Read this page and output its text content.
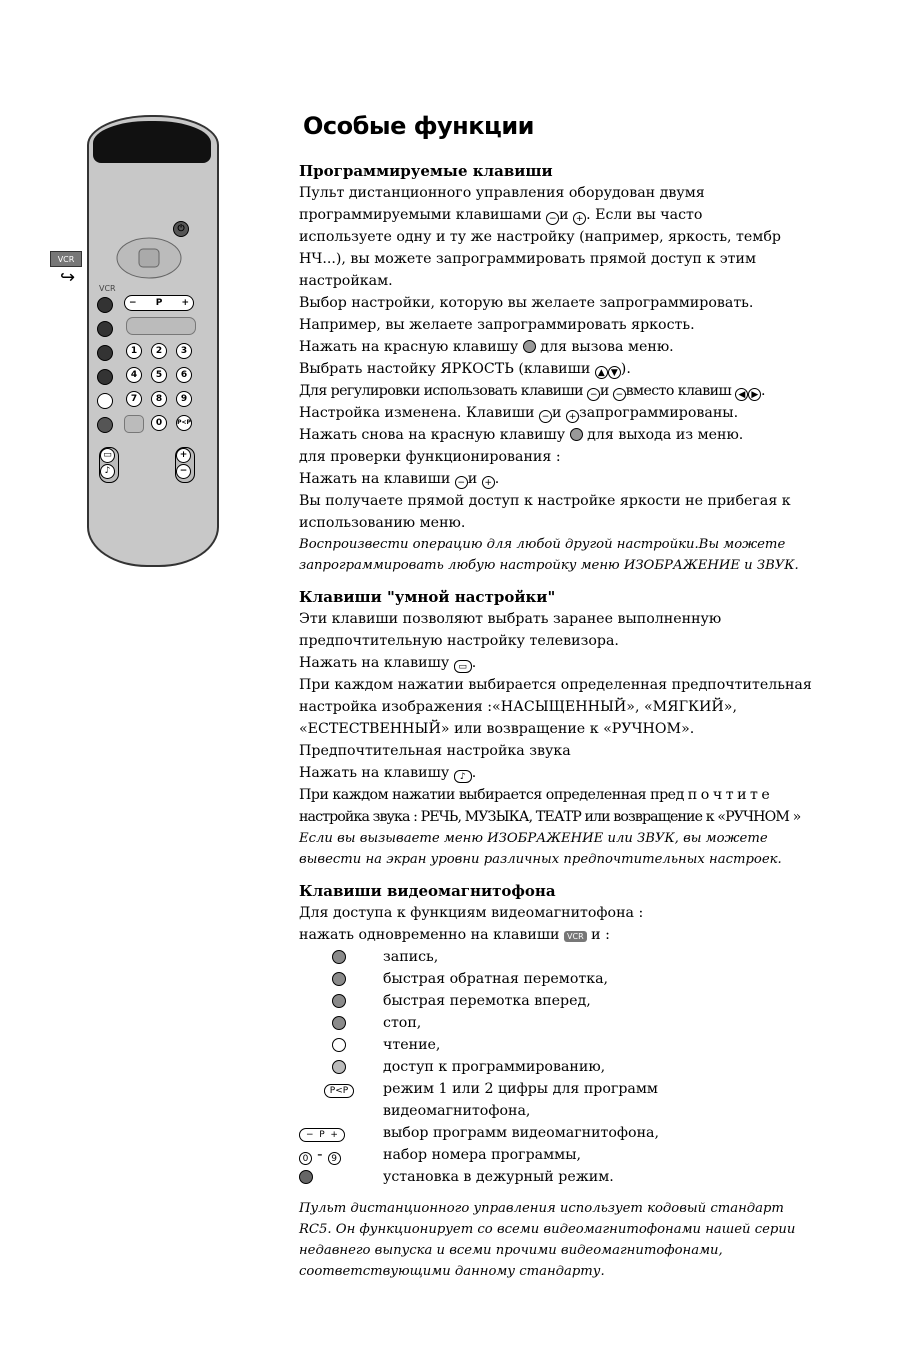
VCR
↪
⏻
VCR
− P +
1	2	3
4	5	6
7	8	9
0	P<P
▭
♪
+
−
Особые функции
Программируемые клавиши

Пульт дистанционного управления оборудован двумя

программируемыми клавишами − и + . Если вы часто

используете одну и ту же настройку (например, яркость, тембр

НЧ...), вы можете запрограммировать прямой доступ к этим

настройкам.

Выбор настройки, которую вы желаете запрограммировать.

Например, вы желаете запрограммировать яркость.

Нажать на красную клавишу для вызова меню.

Выбрать настойку ЯРКОСТЬ (клавиши ▲ ▼ ).

Для регулировки использовать клавиши − и − вместо клавиш ◀ ▶ .

Настройка изменена. Клавиши − и + запрограммированы.

Нажать снова на красную клавишу для выхода из меню.

для проверки функционирования :

Нажать на клавиши − и + .

Вы получаете прямой доступ к настройке яркости не прибегая к

использованию меню.

Воспроизвести операцию для любой другой настройки.Вы можете

запрограммировать любую настройку меню ИЗОБРАЖЕНИЕ и ЗВУК.

Клавиши "умной настройки"

Эти клавиши позволяют выбрать заранее выполненную

предпочтительную настройку телевизора.

Нажать на клавишу ▭ .

При каждом нажатии выбирается определенная предпочтительная

настройка изображения :«НАСЫЩЕННЫЙ», «МЯГКИЙ»,

«ЕСТЕСТВЕННЫЙ» или возвращение к «РУЧНОМ».

Предпочтительная настройка звука

Нажать на клавишу ♪ .

При каждом нажатии выбирается определенная пред п о ч т и т е

настройка звука : РЕЧЬ, МУЗЫКА, ТЕАТР или возвращение к «РУЧНОМ »

Если вы вызываете меню ИЗОБРАЖЕНИЕ или ЗВУК, вы можете

вывести на экран уровни различных предпочтительных настроек.

Клавиши видеомагнитофона

Для доступа к функциям видеомагнитофона :

нажать одновременно на клавиши VCR и :

запись,
быстрая обратная перемотка,
быстрая перемотка вперед,
стоп,
чтение,
доступ к программированию,
P<P	режим 1 или 2 цифры для программ
видеомагнитофона,
−  P  +	выбор программ видеомагнитофона,
0 - 9	набор номера программы,
установка в дежурный режим.

Пульт дистанционного управления использует кодовый стандарт

RC5. Он функционирует со всеми видеомагнитофонами нашей серии

недавнего выпуска и всеми прочими видеомагнитофонами,

соответствующими данному стандарту.
